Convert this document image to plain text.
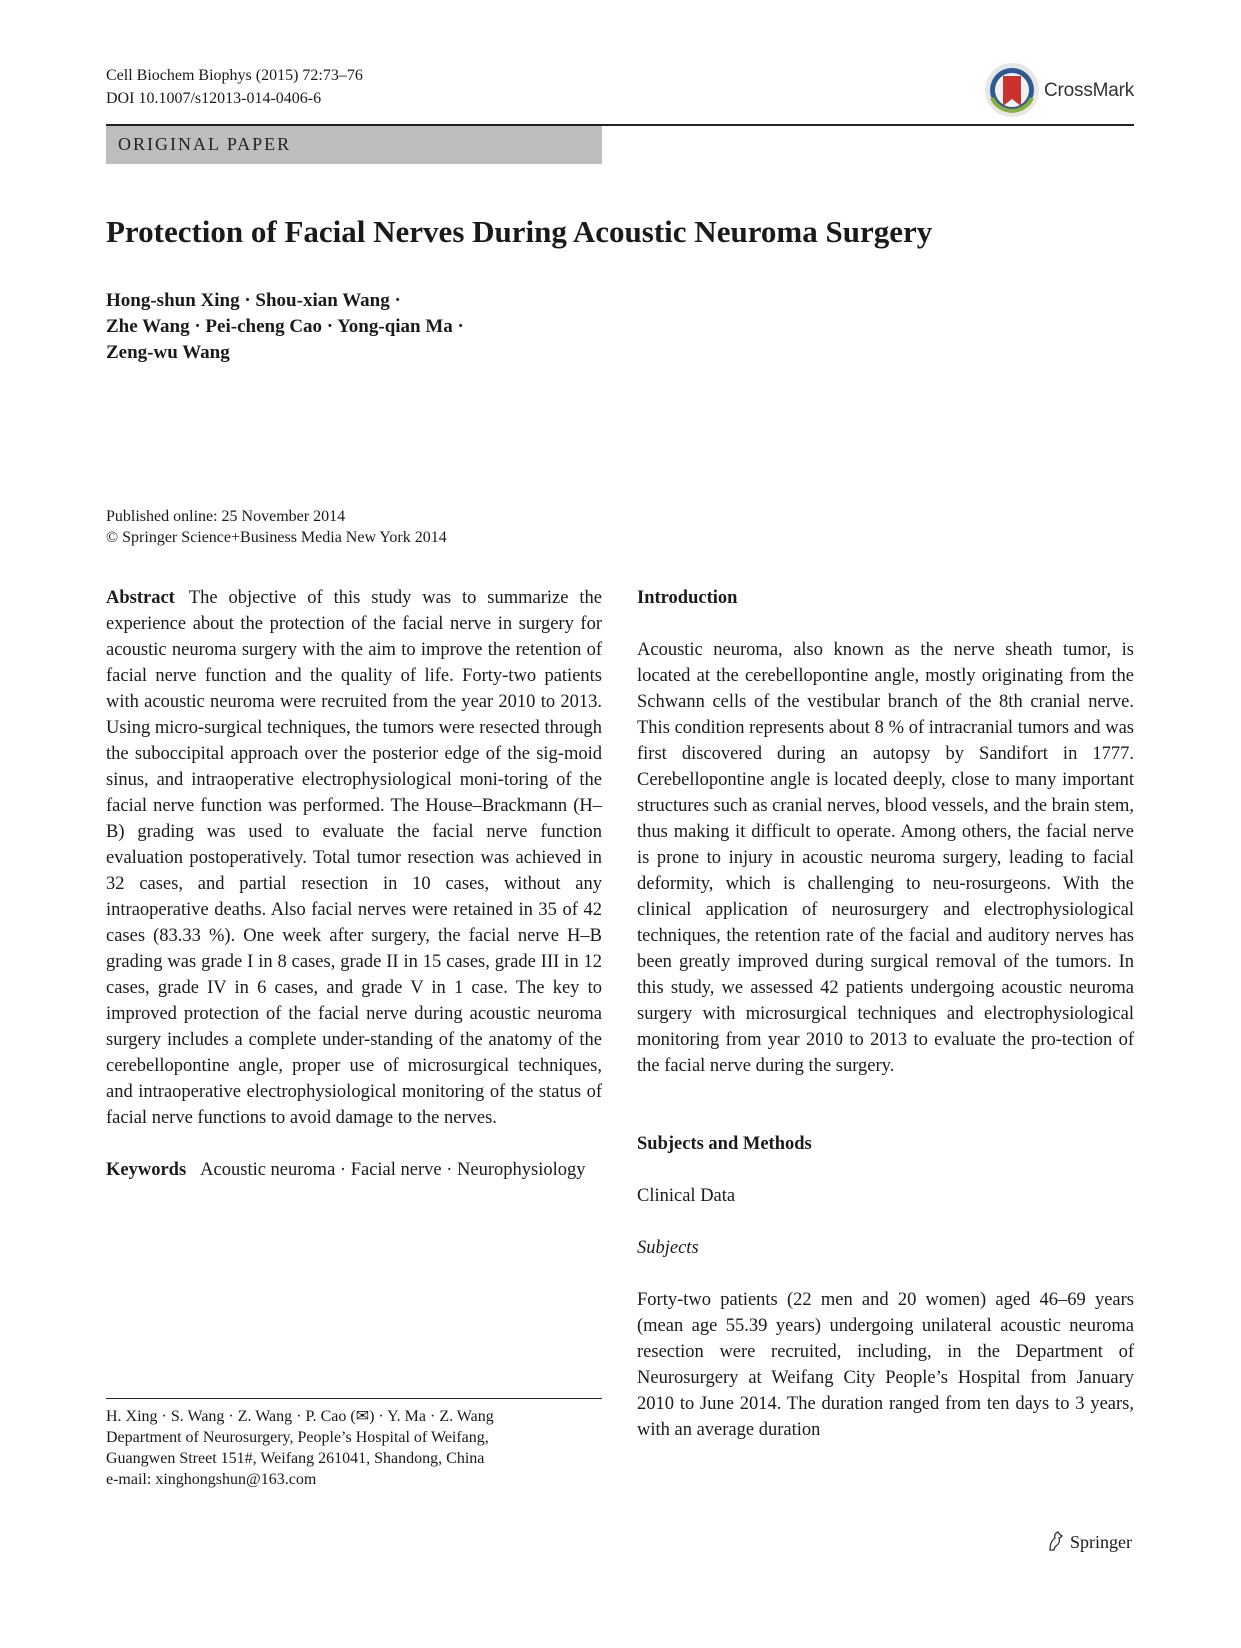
Cell Biochem Biophys (2015) 72:73–76
DOI 10.1007/s12013-014-0406-6	CrossMark
ORIGINAL PAPER
Protection of Facial Nerves During Acoustic Neuroma Surgery
Hong-shun Xing · Shou-xian Wang ·
Zhe Wang · Pei-cheng Cao · Yong-qian Ma ·
Zeng-wu Wang
Published online: 25 November 2014
© Springer Science+Business Media New York 2014

Abstract The objective of this study was to summarize the experience about the protection of the facial nerve in surgery for acoustic neuroma surgery with the aim to improve the retention of facial nerve function and the quality of life. Forty-two patients with acoustic neuroma were recruited from the year 2010 to 2013. Using micro-surgical techniques, the tumors were resected through the suboccipital approach over the posterior edge of the sig-moid sinus, and intraoperative electrophysiological moni-toring of the facial nerve function was performed. The House–Brackmann (H–B) grading was used to evaluate the facial nerve function evaluation postoperatively. Total tumor resection was achieved in 32 cases, and partial resection in 10 cases, without any intraoperative deaths. Also facial nerves were retained in 35 of 42 cases (83.33 %). One week after surgery, the facial nerve H–B grading was grade I in 8 cases, grade II in 15 cases, grade III in 12 cases, grade IV in 6 cases, and grade V in 1 case. The key to improved protection of the facial nerve during acoustic neuroma surgery includes a complete under-standing of the anatomy of the cerebellopontine angle, proper use of microsurgical techniques, and intraoperative electrophysiological monitoring of the status of facial nerve functions to avoid damage to the nerves.

Keywords Acoustic neuroma · Facial nerve · Neurophysiology

H. Xing · S. Wang · Z. Wang · P. Cao (✉) · Y. Ma · Z. Wang
Department of Neurosurgery, People’s Hospital of Weifang,
Guangwen Street 151#, Weifang 261041, Shandong, China
e-mail: xinghongshun@163.com

Introduction

Acoustic neuroma, also known as the nerve sheath tumor, is located at the cerebellopontine angle, mostly originating from the Schwann cells of the vestibular branch of the 8th cranial nerve. This condition represents about 8 % of intracranial tumors and was first discovered during an autopsy by Sandifort in 1777. Cerebellopontine angle is located deeply, close to many important structures such as cranial nerves, blood vessels, and the brain stem, thus making it difficult to operate. Among others, the facial nerve is prone to injury in acoustic neuroma surgery, leading to facial deformity, which is challenging to neu-rosurgeons. With the clinical application of neurosurgery and electrophysiological techniques, the retention rate of the facial and auditory nerves has been greatly improved during surgical removal of the tumors. In this study, we assessed 42 patients undergoing acoustic neuroma surgery with microsurgical techniques and electrophysiological monitoring from year 2010 to 2013 to evaluate the pro-tection of the facial nerve during the surgery.

Subjects and Methods

Clinical Data

Subjects

Forty-two patients (22 men and 20 women) aged 46–69 years (mean age 55.39 years) undergoing unilateral acoustic neuroma resection were recruited, including, in the Department of Neurosurgery at Weifang City People’s Hospital from January 2010 to June 2014. The duration ranged from ten days to 3 years, with an average duration

Springer
